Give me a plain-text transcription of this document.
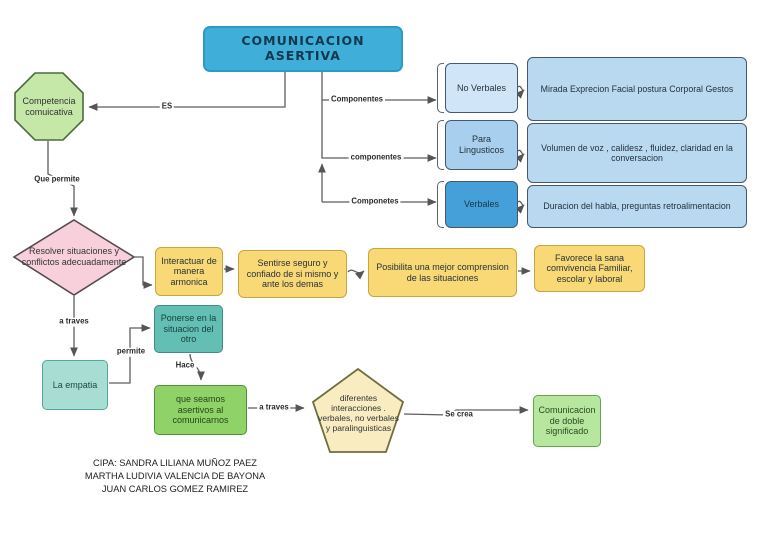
COMUNICACION ASERTIVA
No Verbales
Para Lingusticos
Verbales
Mirada Exprecion Facial postura Corporal Gestos
Volumen de voz , calidesz , fluidez, claridad en la conversacion
Duracion del habla, preguntas retroalimentacion
Interactuar de manera armonica
Sentirse seguro y confiado de si mismo y ante los demas
Posibilita una mejor comprension de las situaciones
Favorece la sana comvivencia Familiar, escolar y laboral
Ponerse en la situacion del otro
La empatia
que seamos asertivos al comunicarnos
Comunicacion de doble significado
Competencia comuicativa
Resolver situaciones y conflictos adecuadamente
diferentes interacciones . verbales, no verbales y paralinguisticas
ES
Componentes
componentes
Componetes
Que permite
a traves
permite
Hace
a traves
Se crea
CIPA: SANDRA LILIANA MUÑOZ PAEZ
MARTHA LUDIVIA VALENCIA DE BAYONA
JUAN CARLOS GOMEZ RAMIREZ
